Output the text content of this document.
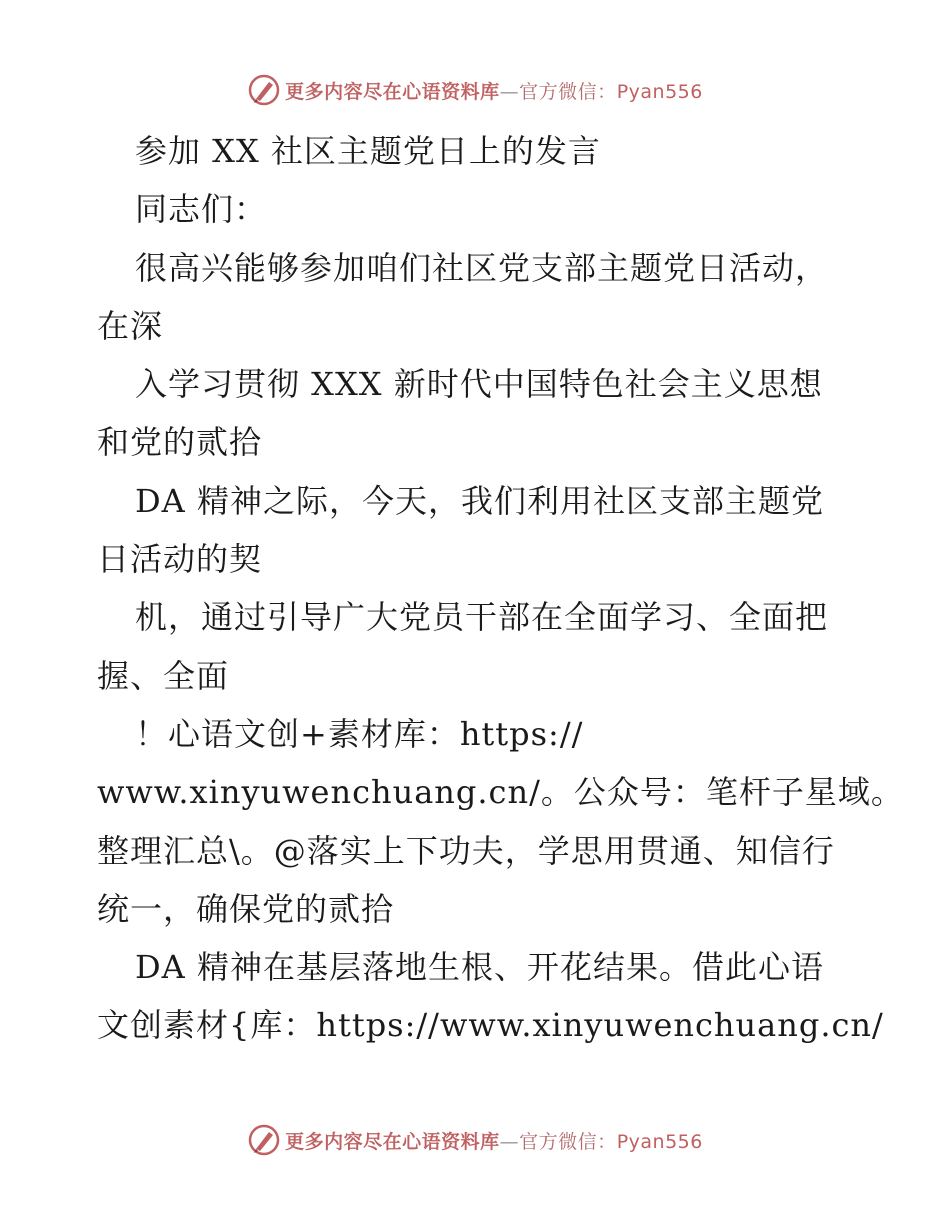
更多内容尽在心语资料库—官方微信：Pyan556
参加 XX 社区主题党日上的发言
同志们：
很高兴能够参加咱们社区党支部主题党日活动，
在深
入学习贯彻 XXX 新时代中国特色社会主义思想
和党的贰拾
DA 精神之际，今天，我们利用社区支部主题党
日活动的契
机，通过引导广大党员干部在全面学习、全面把
握、全面
！心语文创+素材库：https://
www.xinyuwenchuang.cn/。公众号：笔杆子星域。
整理汇总\。@落实上下功夫，学思用贯通、知信行
统一，确保党的贰拾
DA 精神在基层落地生根、开花结果。借此心语
文创素材{库：https://www.xinyuwenchuang.cn/
更多内容尽在心语资料库—官方微信：Pyan556
